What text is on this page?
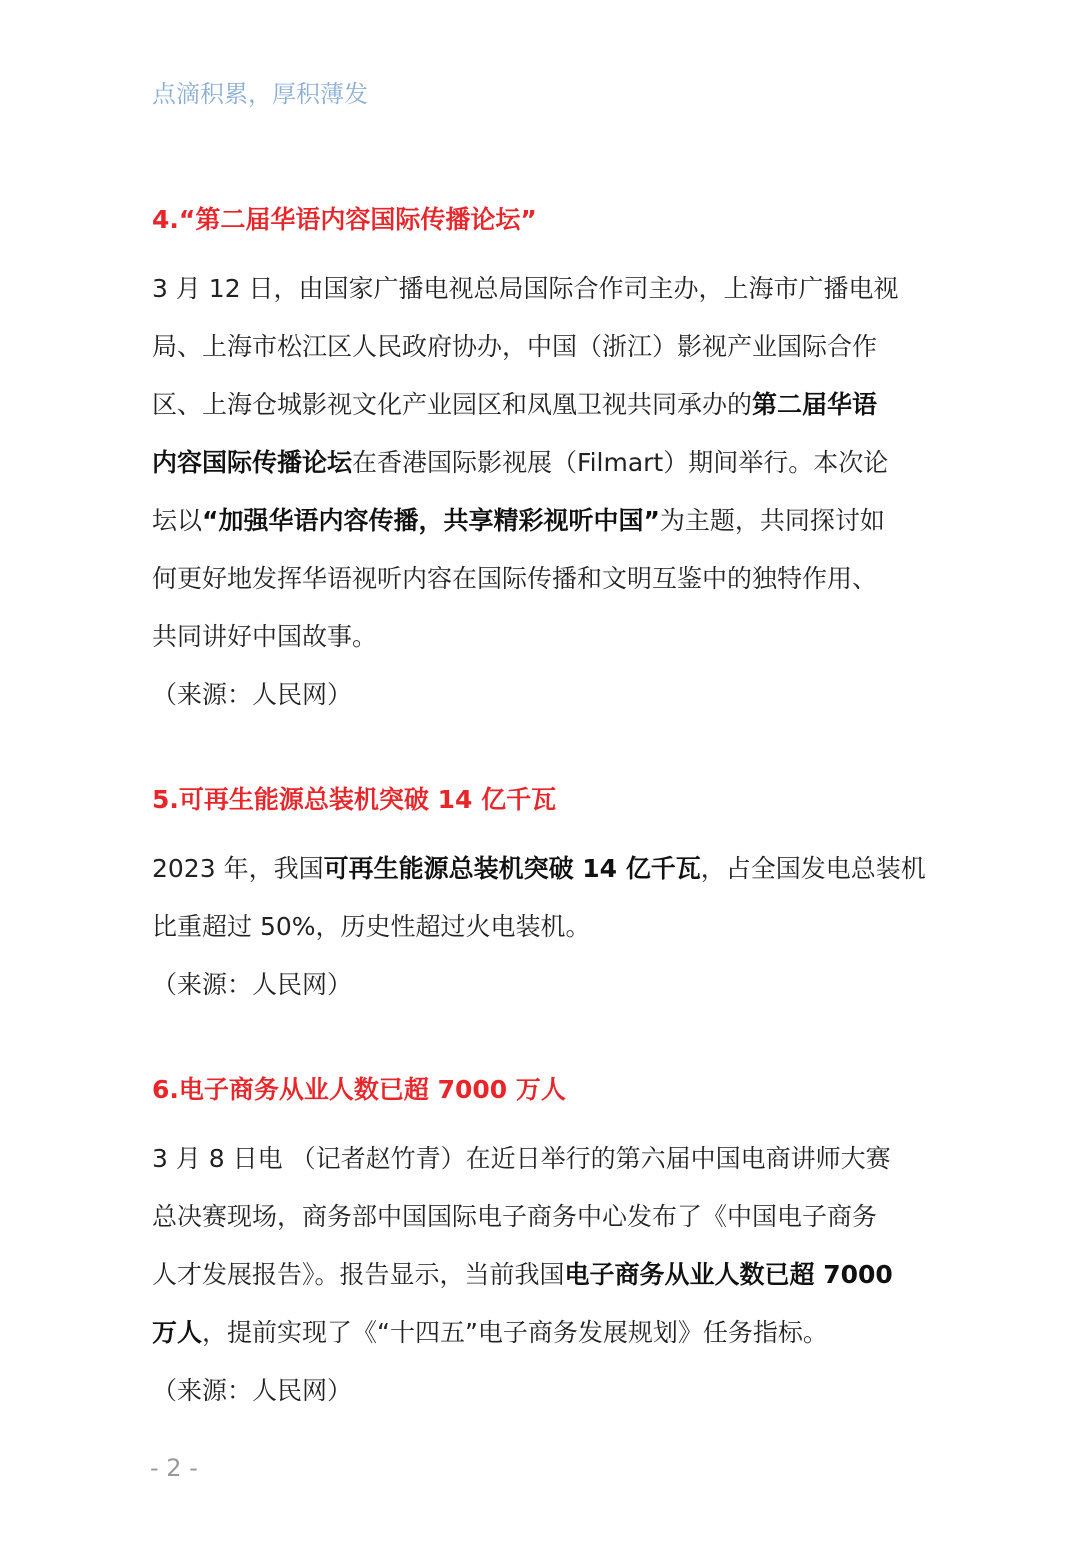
点滴积累，厚积薄发
4.“第二届华语内容国际传播论坛”

3 月 12 日，由国家广播电视总局国际合作司主办，上海市广播电视

局、上海市松江区人民政府协办，中国（浙江）影视产业国际合作

区、上海仓城影视文化产业园区和凤凰卫视共同承办的第二届华语

内容国际传播论坛在香港国际影视展（Filmart）期间举行。本次论

坛以“加强华语内容传播，共享精彩视听中国”为主题，共同探讨如

何更好地发挥华语视听内容在国际传播和文明互鉴中的独特作用、

共同讲好中国故事。

（来源：人民网）

5.可再生能源总装机突破 14 亿千瓦

2023 年，我国可再生能源总装机突破 14 亿千瓦，占全国发电总装机

比重超过 50%，历史性超过火电装机。

（来源：人民网）

6.电子商务从业人数已超 7000 万人

3 月 8 日电 （记者赵竹青）在近日举行的第六届中国电商讲师大赛

总决赛现场，商务部中国国际电子商务中心发布了《中国电子商务

人才发展报告》。报告显示，当前我国电子商务从业人数已超 7000

万人，提前实现了《“十四五”电子商务发展规划》任务指标。

（来源：人民网）

- 2 -
